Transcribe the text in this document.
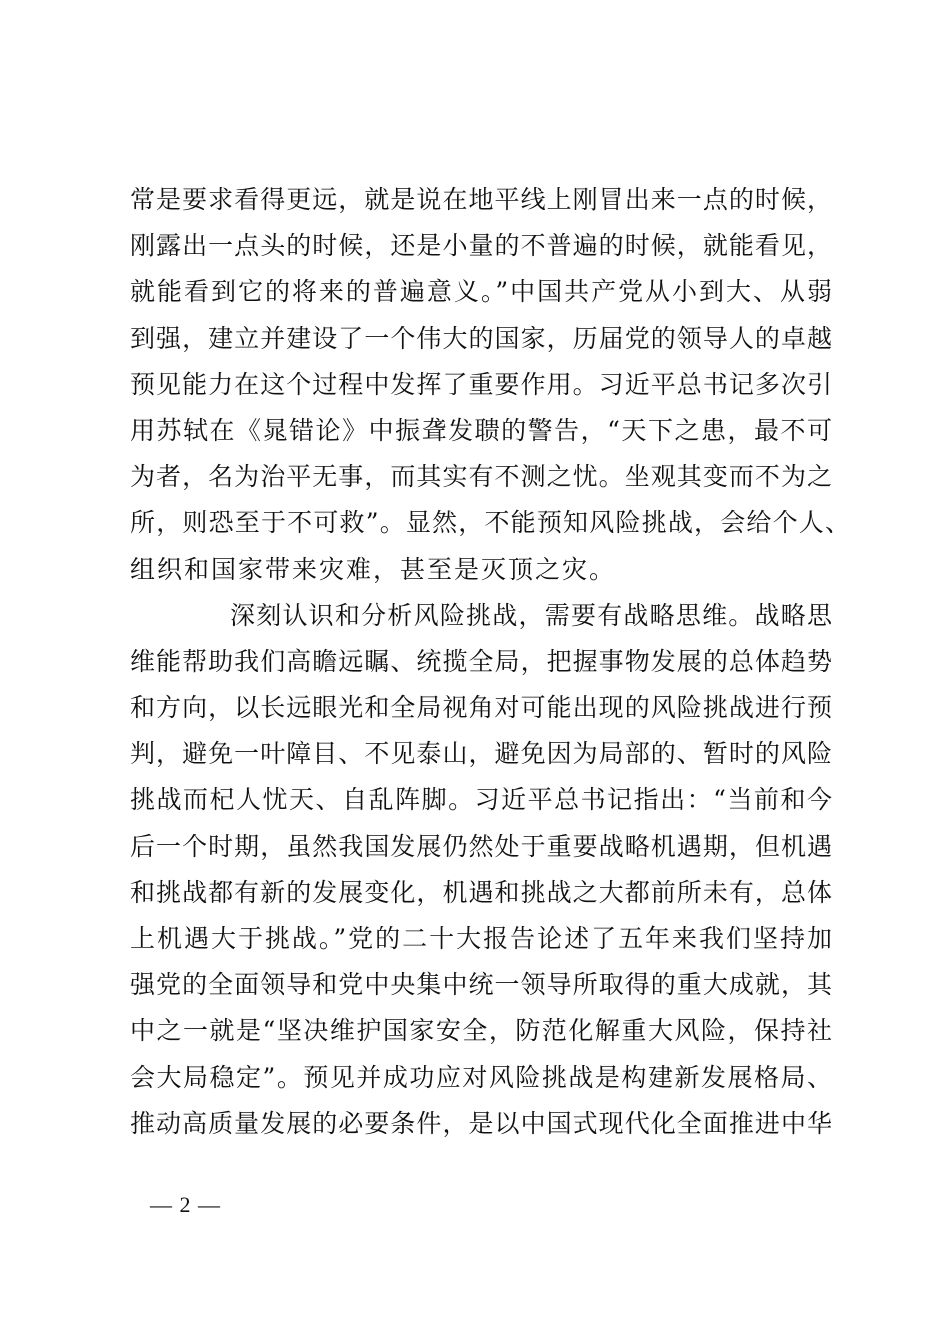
常是要求看得更远，就是说在地平线上刚冒出来一点的时候，
刚露出一点头的时候，还是小量的不普遍的时候，就能看见，
就能看到它的将来的普遍意义。”中国共产党从小到大、从弱
到强，建立并建设了一个伟大的国家，历届党的领导人的卓越
预见能力在这个过程中发挥了重要作用。习近平总书记多次引
用苏轼在《晁错论》中振聋发聩的警告，“天下之患，最不可
为者，名为治平无事，而其实有不测之忧。坐观其变而不为之
所，则恐至于不可救”。显然，不能预知风险挑战，会给个人、
组织和国家带来灾难，甚至是灭顶之灾。
深刻认识和分析风险挑战，需要有战略思维。战略思
维能帮助我们高瞻远瞩、统揽全局，把握事物发展的总体趋势
和方向，以长远眼光和全局视角对可能出现的风险挑战进行预
判，避免一叶障目、不见泰山，避免因为局部的、暂时的风险
挑战而杞人忧天、自乱阵脚。习近平总书记指出：“当前和今
后一个时期，虽然我国发展仍然处于重要战略机遇期，但机遇
和挑战都有新的发展变化，机遇和挑战之大都前所未有，总体
上机遇大于挑战。”党的二十大报告论述了五年来我们坚持加
强党的全面领导和党中央集中统一领导所取得的重大成就，其
中之一就是“坚决维护国家安全，防范化解重大风险，保持社
会大局稳定”。预见并成功应对风险挑战是构建新发展格局、
推动高质量发展的必要条件，是以中国式现代化全面推进中华
— 2 —
